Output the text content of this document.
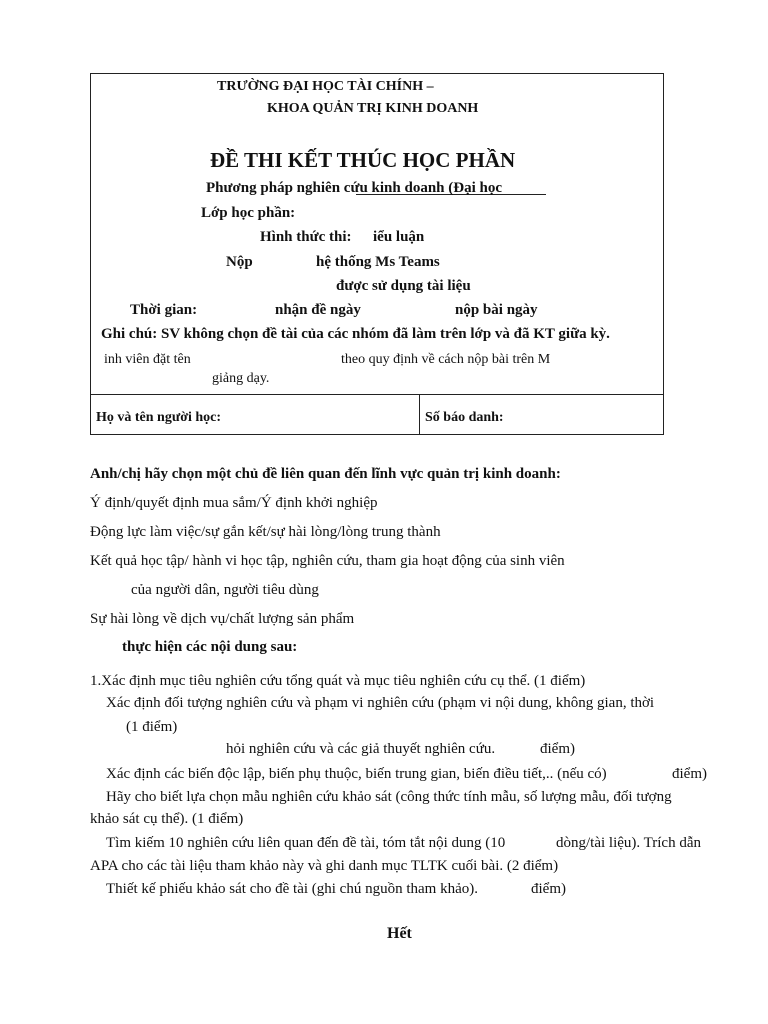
TRƯỜNG ĐẠI HỌC TÀI CHÍNH –
KHOA QUẢN TRỊ KINH DOANH
ĐỀ THI KẾT THÚC HỌC PHẦN
Phương pháp nghiên cứu kinh doanh (Đại học
Lớp học phần:
Hình thức thi: iểu luận
Nộp	hệ thống Ms Teams
được sử dụng tài liệu
Thời gian:	nhận đề ngày	nộp bài ngày
Ghi chú: SV không chọn đề tài của các nhóm đã làm trên lớp và đã KT giữa kỳ.
inh viên đặt tên	theo quy định về cách nộp bài trên M
giảng dạy.
Họ và tên người học:	Số báo danh:
Anh/chị hãy chọn một chủ đề liên quan đến lĩnh vực quản trị kinh doanh:
Ý định/quyết định mua sắm/Ý định khởi nghiệp
Động lực làm việc/sự gắn kết/sự hài lòng/lòng trung thành
Kết quả học tập/ hành vi học tập, nghiên cứu, tham gia hoạt động của sinh viên
của người dân, người tiêu dùng
Sự hài lòng về dịch vụ/chất lượng sản phẩm
thực hiện các nội dung sau:
1.Xác định mục tiêu nghiên cứu tổng quát và mục tiêu nghiên cứu cụ thể. (1 điểm)
Xác định đối tượng nghiên cứu và phạm vi nghiên cứu (phạm vi nội dung, không gian, thời
(1 điểm)
hỏi nghiên cứu và các giả thuyết nghiên cứu.	điểm)
Xác định các biến độc lập, biến phụ thuộc, biến trung gian, biến điều tiết,.. (nếu có)	điểm)
Hãy cho biết lựa chọn mẫu nghiên cứu khảo sát (công thức tính mẫu, số lượng mẫu, đối tượng
khảo sát cụ thể). (1 điểm)
Tìm kiếm 10 nghiên cứu liên quan đến đề tài, tóm tắt nội dung (10	dòng/tài liệu). Trích dẫn
APA cho các tài liệu tham khảo này và ghi danh mục TLTK cuối bài. (2 điểm)
Thiết kế phiếu khảo sát cho đề tài (ghi chú nguồn tham khảo).	điểm)
Hết
